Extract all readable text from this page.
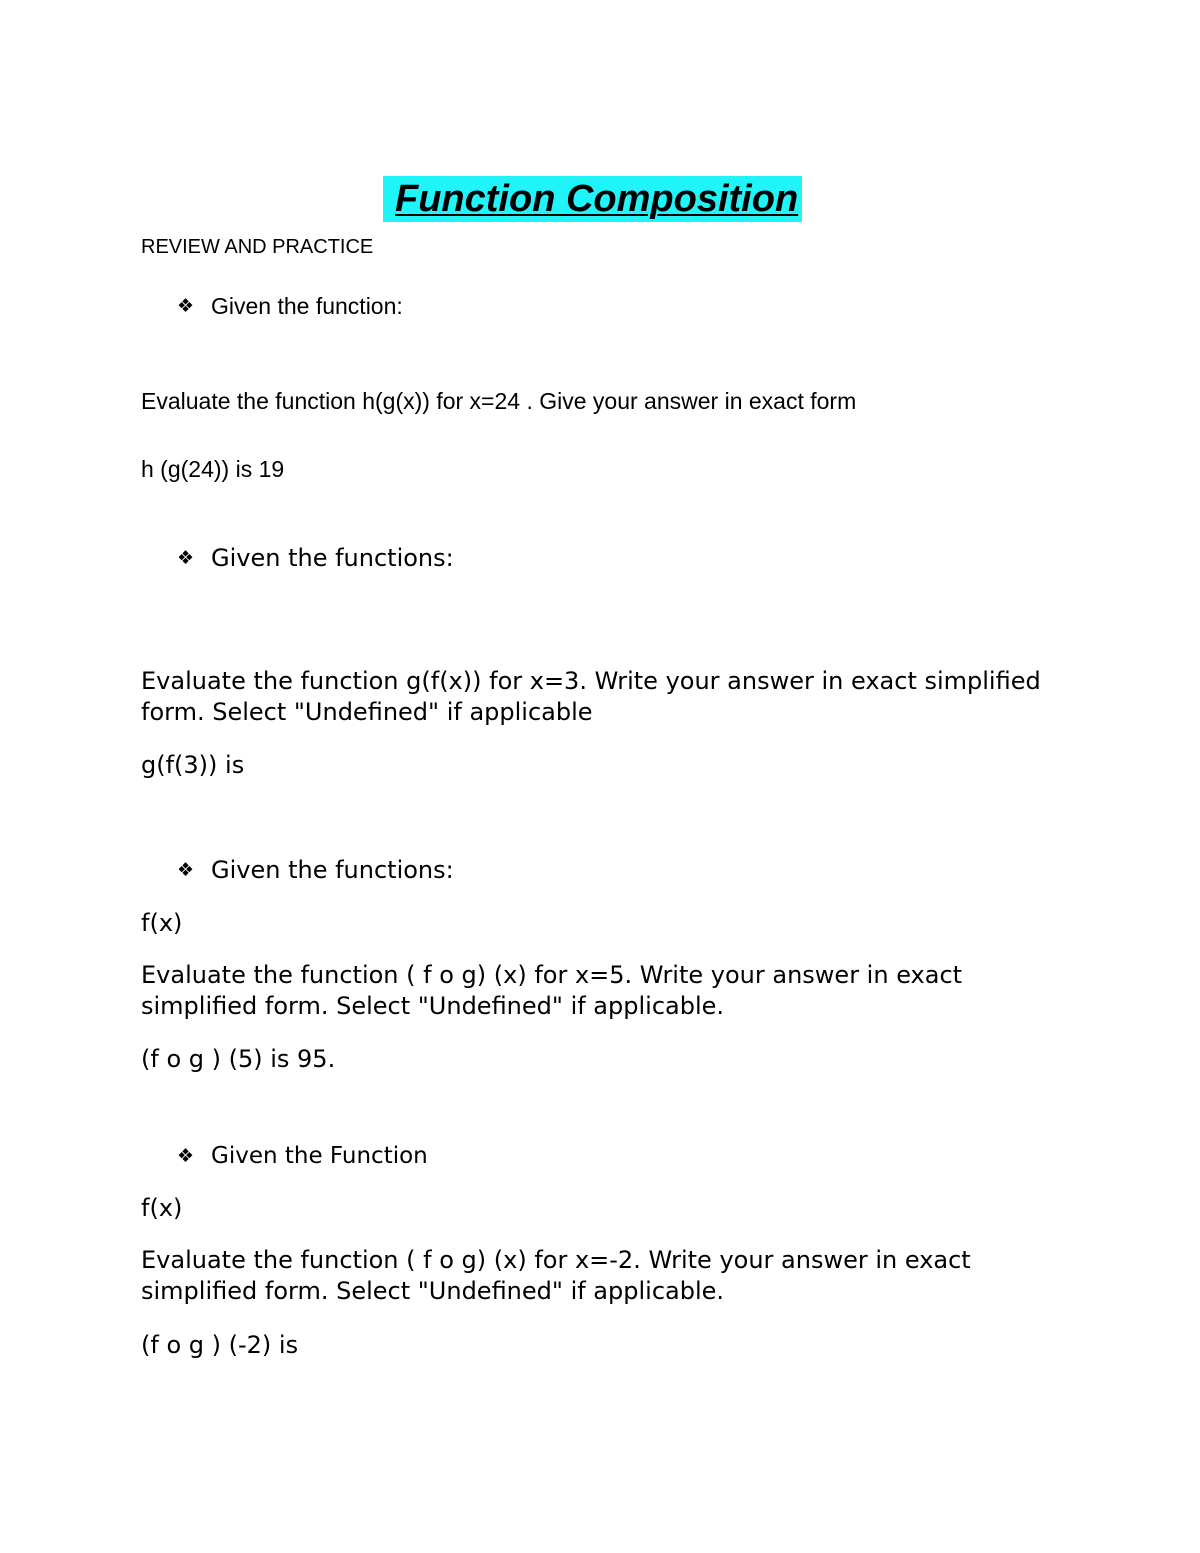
Function Composition
REVIEW AND PRACTICE
❖ Given the function:
Evaluate the function h(g(x)) for x=24 . Give your answer in exact form
h (g(24)) is 19
❖ Given the functions:
Evaluate the function g(f(x)) for x=3. Write your answer in exact simplified form. Select "Undefined" if applicable
g(f(3)) is
❖ Given the functions:
f(x)
Evaluate the function ( f o g) (x) for x=5. Write your answer in exact simplified form. Select "Undefined" if applicable.
(f o g ) (5) is 95.
❖ Given the Function
f(x)
Evaluate the function ( f o g) (x) for x=-2. Write your answer in exact simplified form. Select "Undefined" if applicable.
(f o g ) (-2) is
